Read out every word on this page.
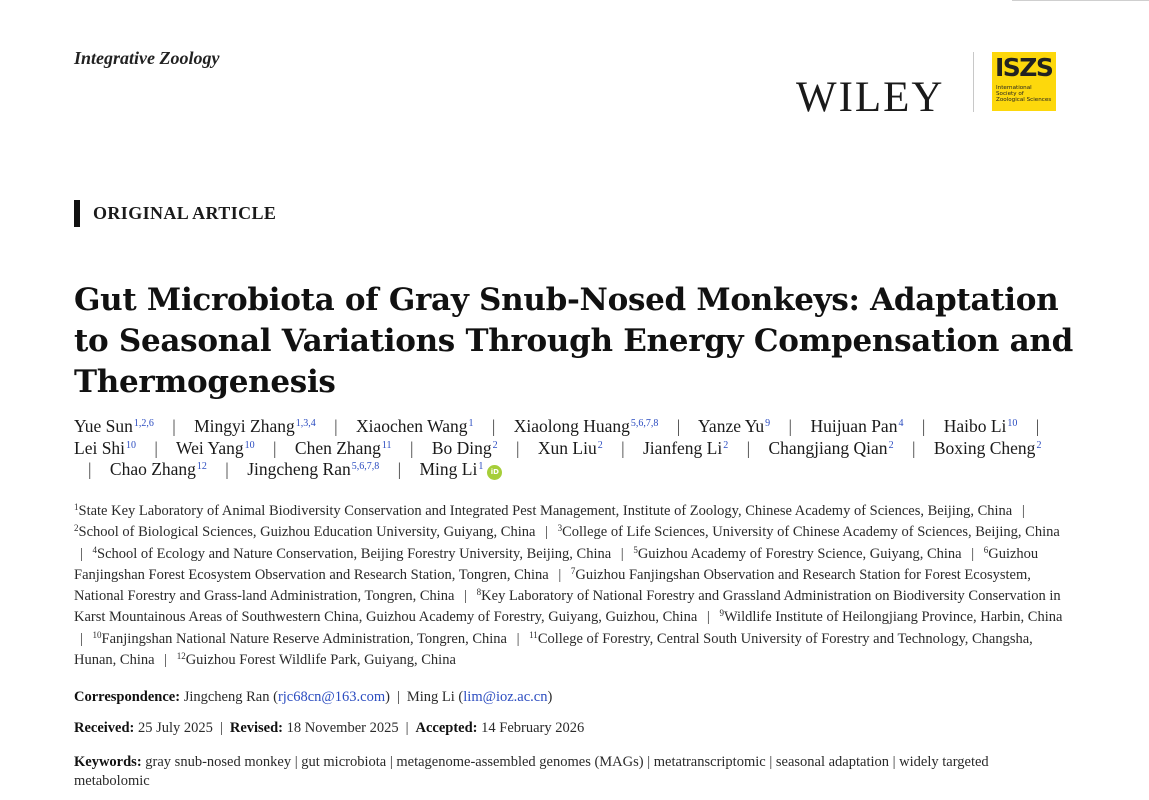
Integrative Zoology
WILEY
ISZS
International
Society of
Zoological Sciences
ORIGINAL ARTICLE
Gut Microbiota of Gray Snub-Nosed Monkeys: Adaptation to Seasonal Variations Through Energy Compensation and Thermogenesis
Yue Sun$^{1,2,6}$ | Mingyi Zhang$^{1,3,4}$ | Xiaochen Wang$^1$ | Xiaolong Huang$^{5,6,7,8}$ | Yanze Yu$^9$ | Huijuan Pan$^4$ | Haibo Li$^{10}$ | Lei Shi$^{10}$ | Wei Yang$^{10}$ | Chen Zhang$^{11}$ | Bo Ding$^2$ | Xun Liu$^2$ | Jianfeng Li$^2$ | Changjiang Qian$^2$ | Boxing Cheng$^2$ | Chao Zhang$^{12}$ | Jingcheng Ran$^{5,6,7,8}$ | Ming Li$^1$ iD
$^1$State Key Laboratory of Animal Biodiversity Conservation and Integrated Pest Management, Institute of Zoology, Chinese Academy of Sciences, Beijing, China | $^2$School of Biological Sciences, Guizhou Education University, Guiyang, China | $^3$College of Life Sciences, University of Chinese Academy of Sciences, Beijing, China | $^4$School of Ecology and Nature Conservation, Beijing Forestry University, Beijing, China | $^5$Guizhou Academy of Forestry Science, Guiyang, China | $^6$Guizhou Fanjingshan Forest Ecosystem Observation and Research Station, Tongren, China | $^7$Guizhou Fanjingshan Observation and Research Station for Forest Ecosystem, National Forestry and Grass-land Administration, Tongren, China | $^8$Key Laboratory of National Forestry and Grassland Administration on Biodiversity Conservation in Karst Mountainous Areas of Southwestern China, Guizhou Academy of Forestry, Guiyang, Guizhou, China | $^9$Wildlife Institute of Heilongjiang Province, Harbin, China | $^{10}$Fanjingshan National Nature Reserve Administration, Tongren, China | $^{11}$College of Forestry, Central South University of Forestry and Technology, Changsha, Hunan, China | $^{12}$Guizhou Forest Wildlife Park, Guiyang, China
Correspondence: Jingcheng Ran (rjc68cn@163.com) | Ming Li (lim@ioz.ac.cn)
Received: 25 July 2025 | Revised: 18 November 2025 | Accepted: 14 February 2026
Keywords: gray snub-nosed monkey | gut microbiota | metagenome-assembled genomes (MAGs) | metatranscriptomic | seasonal adaptation | widely targeted metabolomic
